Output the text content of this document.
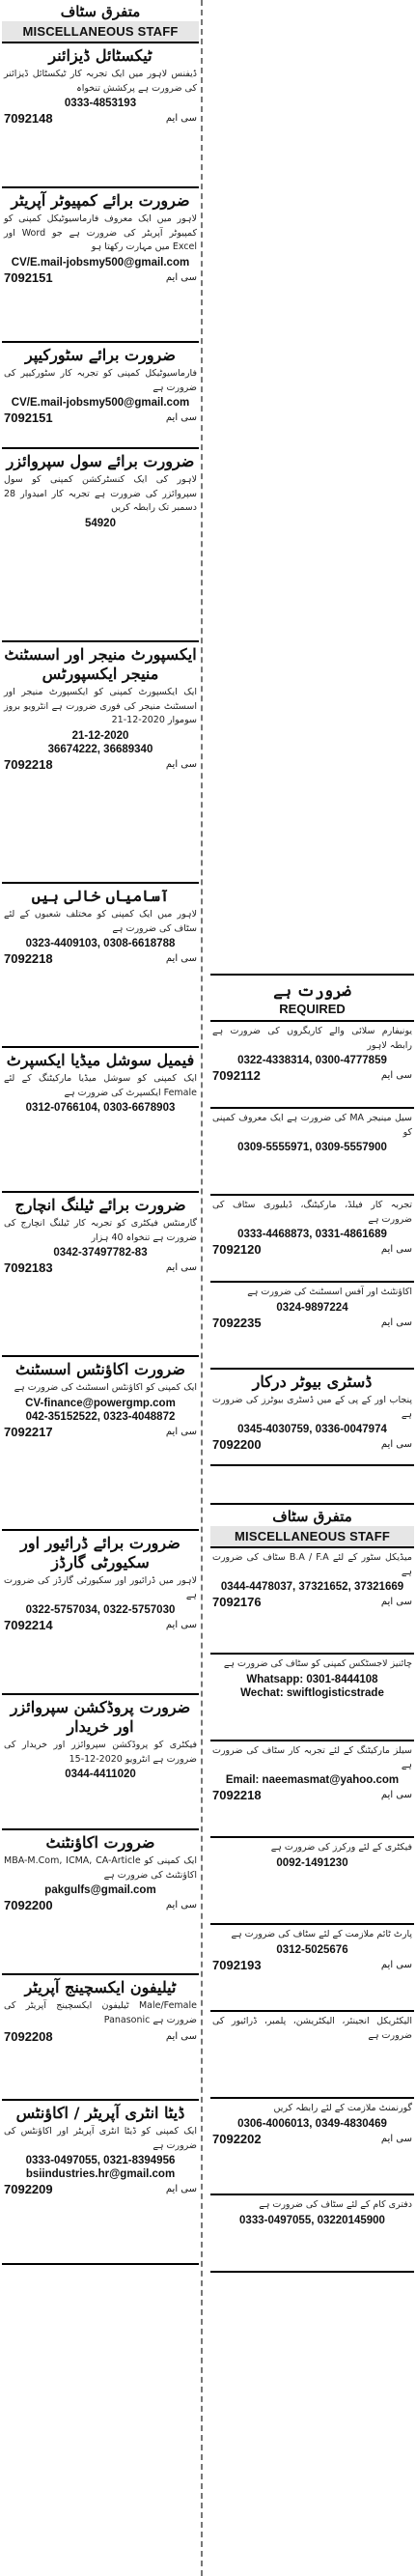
متفرق سٹاف
MISCELLANEOUS STAFF
ٹیکسٹائل ڈیزائنر
ڈیفنس لاہور میں ایک تجربہ کار ٹیکسٹائل ڈیزائنر کی ضرورت ہے پرکشش تنخواہ
0333-4853193
7092148	سی ایم
ضرورت برائے کمپیوٹر آپریٹر
لاہور میں ایک معروف فارماسیوٹیکل کمپنی کو کمپیوٹر آپریٹر کی ضرورت ہے جو Word اور Excel میں مہارت رکھتا ہو
CV/E.mail-jobsmy500@gmail.com
7092151	سی ایم
ضرورت برائے سٹورکیپر
فارماسیوٹیکل کمپنی کو تجربہ کار سٹورکیپر کی ضرورت ہے
CV/E.mail-jobsmy500@gmail.com
7092151	سی ایم
ضرورت برائے سول سپروائزر
لاہور کی ایک کنسٹرکشن کمپنی کو سول سپروائزر کی ضرورت ہے تجربہ کار امیدوار 28 دسمبر تک رابطہ کریں
54920
ایکسپورٹ منیجر اور اسسٹنٹ منیجر ایکسپورٹس
ایک ایکسپورٹ کمپنی کو ایکسپورٹ منیجر اور اسسٹنٹ منیجر کی فوری ضرورت ہے انٹرویو بروز سوموار 2020-12-21
21-12-2020
36674222, 36689340
7092218	سی ایم
آسامیاں خالی ہیں
لاہور میں ایک کمپنی کو مختلف شعبوں کے لئے سٹاف کی ضرورت ہے
0323-4409103, 0308-6618788
7092218	سی ایم
فیمیل سوشل میڈیا ایکسپرٹ
ایک کمپنی کو سوشل میڈیا مارکیٹنگ کے لئے Female ایکسپرٹ کی ضرورت ہے
0312-0766104, 0303-6678903
ضرورت برائے ٹیلنگ انچارج
گارمنٹس فیکٹری کو تجربہ کار ٹیلنگ انچارج کی ضرورت ہے تنخواہ 40 ہزار
0342-37497782-83
7092183	سی ایم
ضرورت اکاؤنٹس اسسٹنٹ
ایک کمپنی کو اکاؤنٹس اسسٹنٹ کی ضرورت ہے
CV-finance@powergmp.com
042-35152522, 0323-4048872
7092217	سی ایم
ضرورت برائے ڈرائیور اور سکیورٹی گارڈز
لاہور میں ڈرائیور اور سکیورٹی گارڈز کی ضرورت ہے
0322-5757034, 0322-5757030
7092214	سی ایم
ضرورت پروڈکشن سپروائزر اور خریدار
فیکٹری کو پروڈکشن سپروائزر اور خریدار کی ضرورت ہے انٹرویو 2020-12-15
0344-4411020
ضرورت اکاؤنٹنٹ
ایک کمپنی کو MBA-M.Com, ICMA, CA-Article اکاؤنٹنٹ کی ضرورت ہے
pakgulfs@gmail.com
7092200	سی ایم
ٹیلیفون ایکسچینج آپریٹر
Male/Female ٹیلیفون ایکسچینج آپریٹر کی ضرورت ہے Panasonic
7092208	سی ایم
ڈیٹا انٹری آپریٹر / اکاؤنٹس
ایک کمپنی کو ڈیٹا انٹری آپریٹر اور اکاؤنٹس کی ضرورت ہے
0333-0497055, 0321-8394956
bsiindustries.hr@gmail.com
7092209	سی ایم
ضرورت ہے
REQUIRED
یونیفارم سلائی والے کاریگروں کی ضرورت ہے رابطہ لاہور
0322-4338314, 0300-4777859
7092112	سی ایم
سیل مینیجر MA کی ضرورت ہے ایک معروف کمپنی کو
0309-5555971, 0309-5557900
تجربہ کار فیلڈ، مارکیٹنگ، ڈیلیوری سٹاف کی ضرورت ہے
0333-4468873, 0331-4861689
7092120	سی ایم
اکاؤنٹنٹ اور آفس اسسٹنٹ کی ضرورت ہے
0324-9897224
7092235	سی ایم
ڈسٹری بیوٹر درکار
پنجاب اور کے پی کے میں ڈسٹری بیوٹرز کی ضرورت ہے
0345-4030759, 0336-0047974
7092200	سی ایم
متفرق سٹاف
MISCELLANEOUS STAFF
میڈیکل سٹور کے لئے B.A / F.A سٹاف کی ضرورت ہے
0344-4478037, 37321652, 37321669
7092176	سی ایم
چائنیز لاجسٹکس کمپنی کو سٹاف کی ضرورت ہے
Whatsapp: 0301-8444108
Wechat: swiftlogisticstrade
سیلز مارکیٹنگ کے لئے تجربہ کار سٹاف کی ضرورت ہے
Email: naeemasmat@yahoo.com
7092218	سی ایم
فیکٹری کے لئے ورکرز کی ضرورت ہے
0092-1491230
پارٹ ٹائم ملازمت کے لئے سٹاف کی ضرورت ہے
0312-5025676
7092193	سی ایم
الیکٹریکل انجینئر، الیکٹریشن، پلمبر، ڈرائیور کی ضرورت ہے
گورنمنٹ ملازمت کے لئے رابطہ کریں
0306-4006013, 0349-4830469
7092202	سی ایم
دفتری کام کے لئے سٹاف کی ضرورت ہے
0333-0497055, 03220145900
